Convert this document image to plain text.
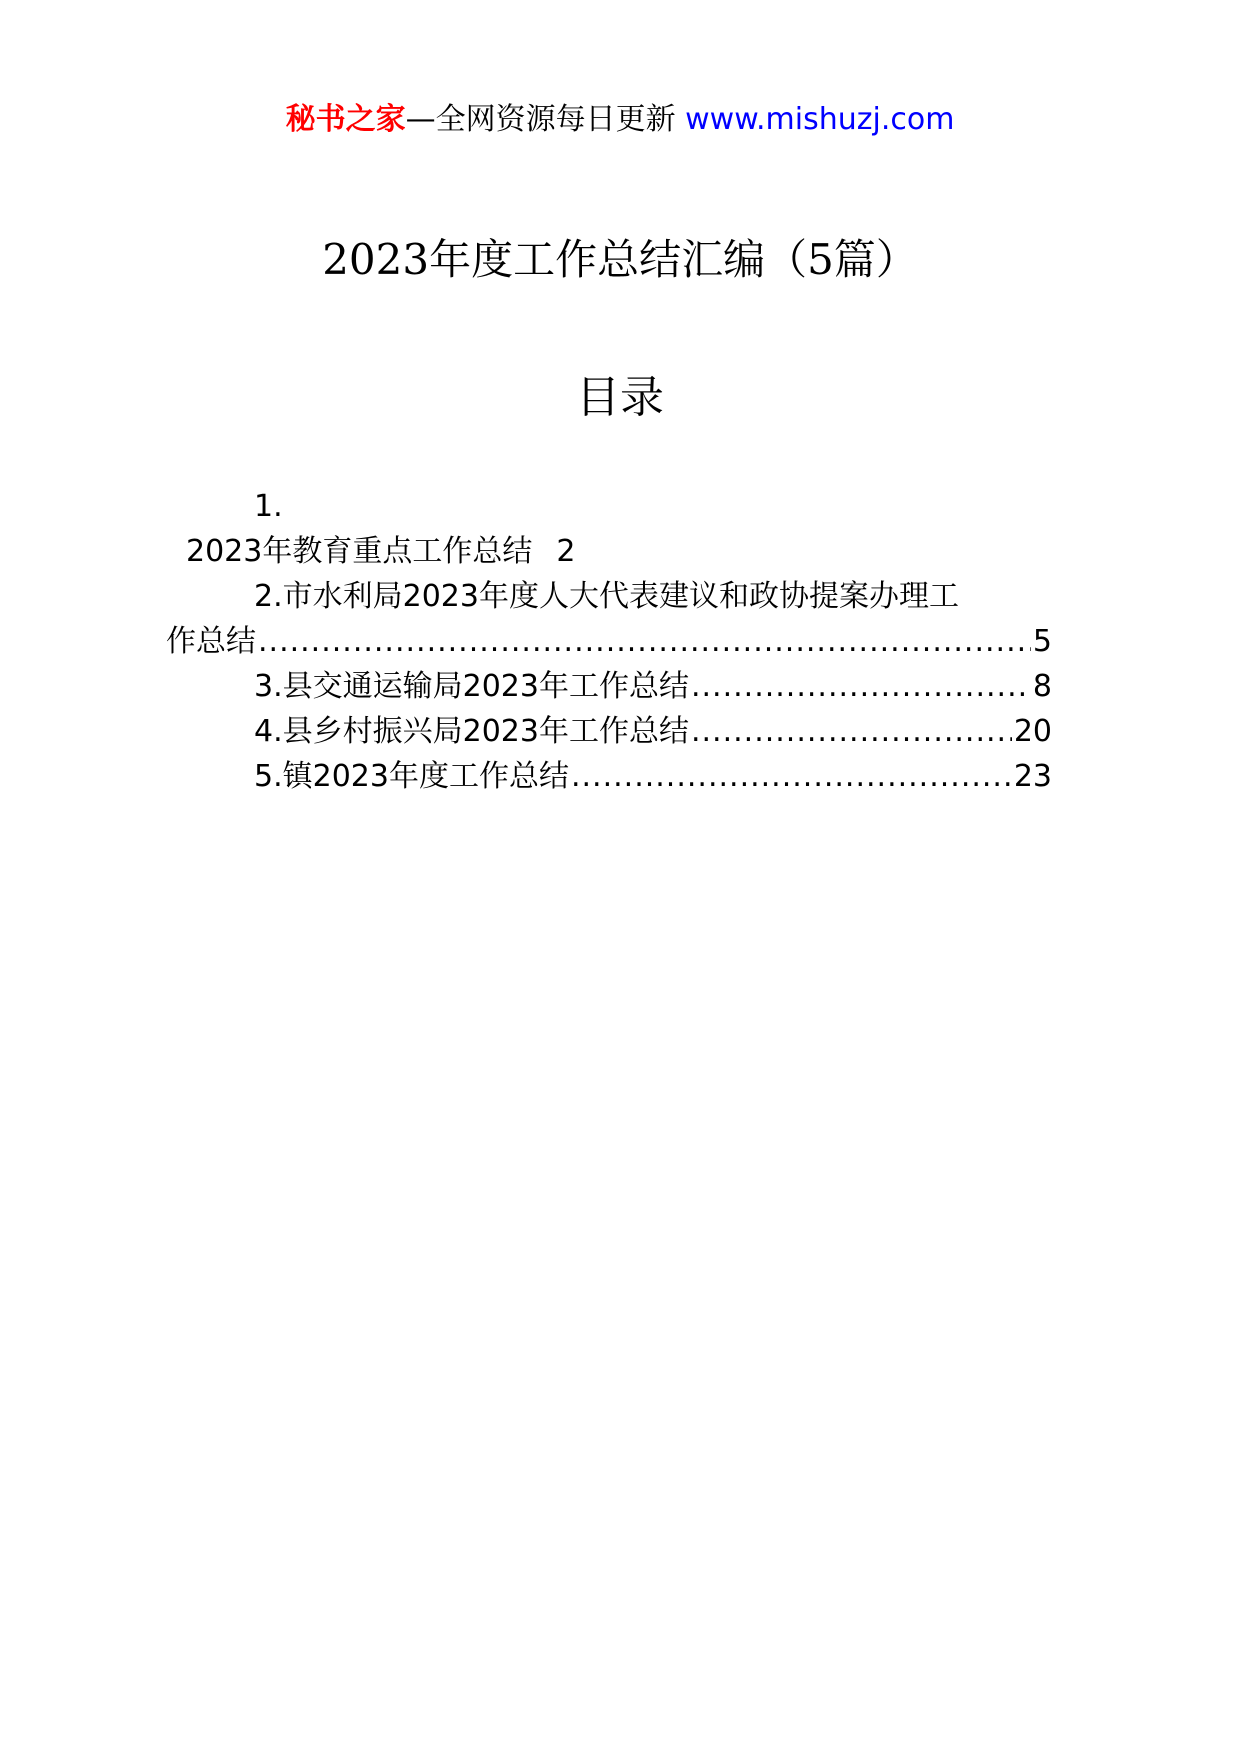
秘书之家—全网资源每日更新 www.mishuzj.com
2023年度工作总结汇编（5篇）
目录
1.
2023年教育重点工作总结 2
2.市水利局2023年度人大代表建议和政协提案办理工
作总结 .....	5
3.县交通运输局2023年工作总结 .....	8
4.县乡村振兴局2023年工作总结 .....	20
5.镇2023年度工作总结 .....	23
